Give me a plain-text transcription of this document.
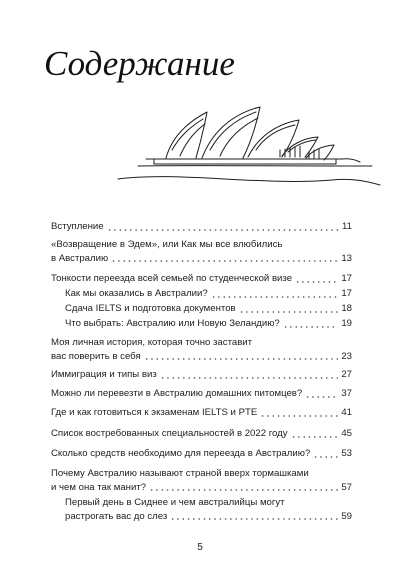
Содержание
Вступление	11
«Возвращение в Эдем», или Как мы все влюбились
в Австралию	13
Тонкости переезда всей семьей по студенческой визе	17
Как мы оказались в Австралии?	17
Сдача IELTS и подготовка документов	18
Что выбрать: Австралию или Новую Зеландию?	19
Моя личная история, которая точно заставит
вас поверить в себя	23
Иммиграция и типы виз	27
Можно ли перевезти в Австралию домашних питомцев?	37
Где и как готовиться к экзаменам IELTS и PTE	41
Список востребованных специальностей в 2022 году	45
Сколько средств необходимо для переезда в Австралию?	53
Почему Австралию называют страной вверх тормашками
и чем она так манит?	57
Первый день в Сиднее и чем австралийцы могут
растрогать вас до слез	59
5
